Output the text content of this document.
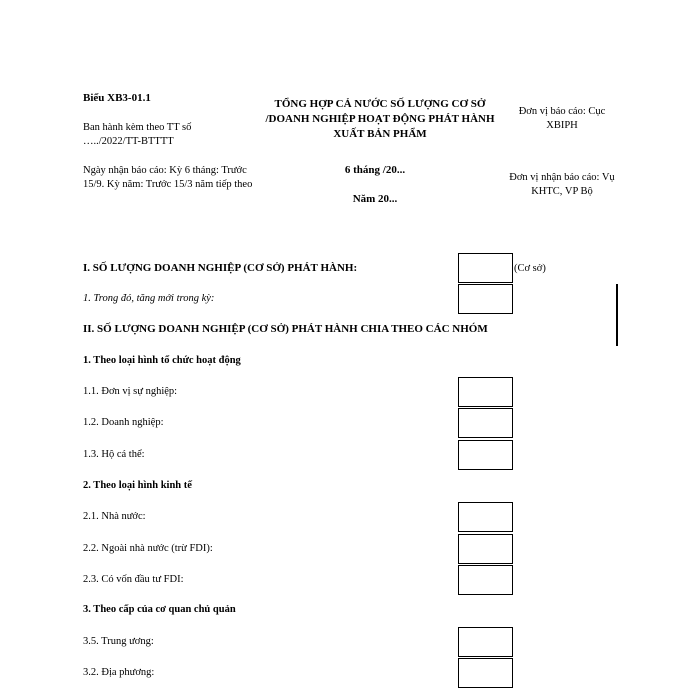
Biểu XB3-01.1
Ban hành kèm theo TT số …../2022/TT-BTTTT
Ngày nhận báo cáo: Kỳ 6 tháng: Trước 15/9. Kỳ năm: Trước 15/3 năm tiếp theo
TỔNG HỢP CẢ NƯỚC SỐ LƯỢNG CƠ SỞ /DOANH NGHIỆP HOẠT ĐỘNG PHÁT HÀNH XUẤT BẢN PHẨM
6 tháng /20...
Năm 20...
Đơn vị báo cáo: Cục XBIPH
Đơn vị nhận báo cáo: Vụ KHTC, VP Bộ
I. SỐ LƯỢNG DOANH NGHIỆP (CƠ SỞ) PHÁT HÀNH:	(Cơ sở)
1. Trong đó, tăng mới trong kỳ:
II. SỐ LƯỢNG DOANH NGHIỆP (CƠ SỞ) PHÁT HÀNH CHIA THEO CÁC NHÓM
1. Theo loại hình tổ chức hoạt động
1.1. Đơn vị sự nghiệp:
1.2. Doanh nghiệp:
1.3. Hộ cá thể:
2. Theo loại hình kinh tế
2.1. Nhà nước:
2.2. Ngoài nhà nước (trừ FDI):
2.3. Có vốn đầu tư FDI:
3. Theo cấp của cơ quan chủ quản
3.5. Trung ương:
3.2. Địa phương:
